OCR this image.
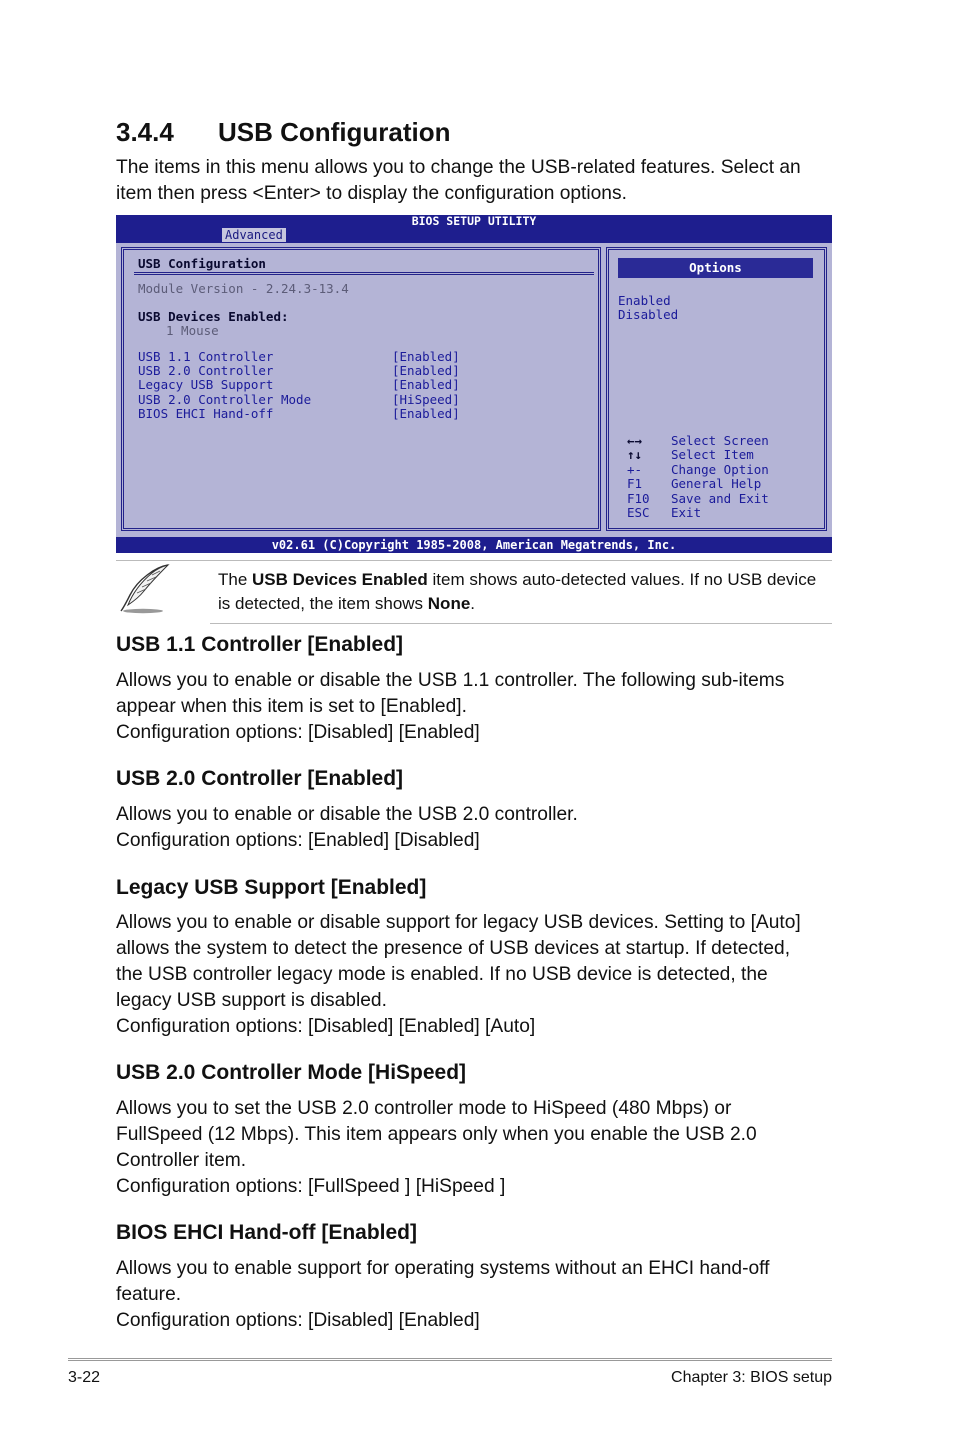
3.4.4 USB Configuration

The items in this menu allows you to change the USB-related features. Select an
item then press <Enter> to display the configuration options.

BIOS SETUP UTILITY
Advanced
USB Configuration
Module Version - 2.24.3-13.4
USB Devices Enabled:
1 Mouse
USB 1.1 Controller	[Enabled]
USB 2.0 Controller	[Enabled]
Legacy USB Support	[Enabled]
USB 2.0 Controller Mode	[HiSpeed]
BIOS EHCI Hand-off	[Enabled]
Options
Enabled
Disabled
←→ Select Screen
↑↓ Select Item
+- Change Option
F1 General Help
F10 Save and Exit
ESC Exit
v02.61 (C)Copyright 1985-2008, American Megatrends, Inc.

The USB Devices Enabled item shows auto-detected values. If no USB device is detected, the item shows None.

USB 1.1 Controller [Enabled]

Allows you to enable or disable the USB 1.1 controller. The following sub-items
appear when this item is set to [Enabled].
Configuration options: [Disabled] [Enabled]

USB 2.0 Controller [Enabled]

Allows you to enable or disable the USB 2.0 controller.
Configuration options: [Enabled] [Disabled]

Legacy USB Support [Enabled]

Allows you to enable or disable support for legacy USB devices. Setting to [Auto]
allows the system to detect the presence of USB devices at startup. If detected,
the USB controller legacy mode is enabled. If no USB device is detected, the
legacy USB support is disabled.
Configuration options: [Disabled] [Enabled] [Auto]

USB 2.0 Controller Mode [HiSpeed]

Allows you to set the USB 2.0 controller mode to HiSpeed (480 Mbps) or
FullSpeed (12 Mbps). This item appears only when you enable the USB 2.0
Controller item.
Configuration options: [FullSpeed ] [HiSpeed ]

BIOS EHCI Hand-off [Enabled]

Allows you to enable support for operating systems without an EHCI hand-off
feature.
Configuration options: [Disabled] [Enabled]

3-22	Chapter 3: BIOS setup
